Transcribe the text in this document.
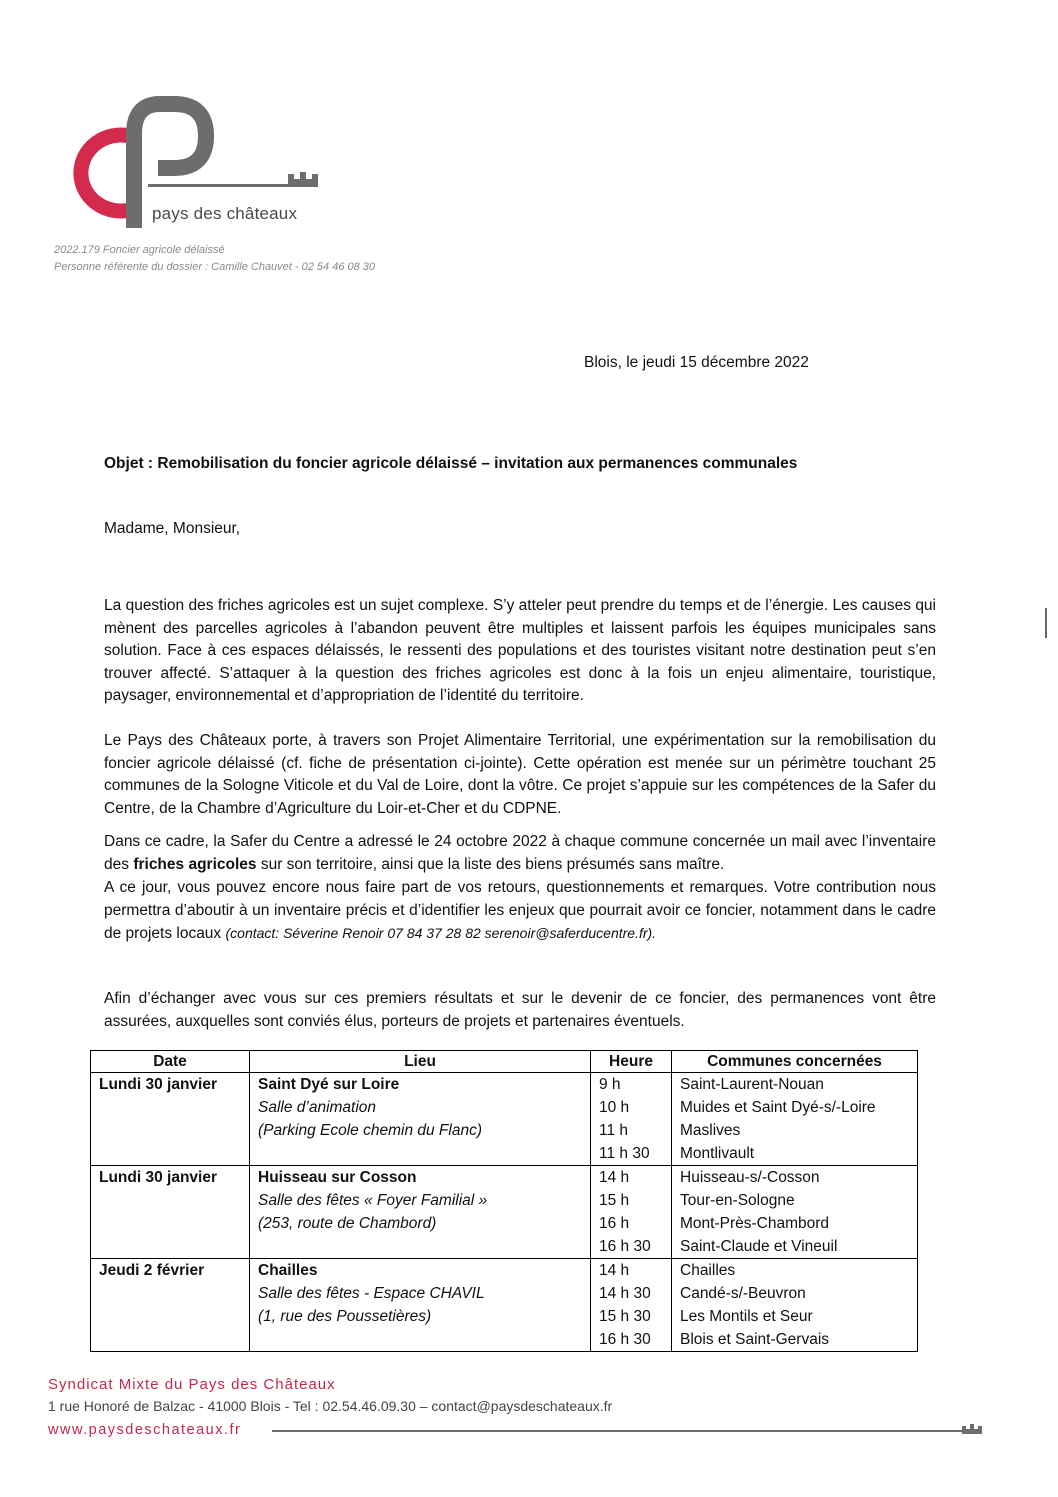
pays des châteaux
2022.179 Foncier agricole délaissé
Personne référente du dossier : Camille Chauvet - 02 54 46 08 30
Blois, le jeudi 15 décembre 2022
Objet : Remobilisation du foncier agricole délaissé – invitation aux permanences communales
Madame, Monsieur,

La question des friches agricoles est un sujet complexe. S’y atteler peut prendre du temps et de l’énergie. Les causes qui mènent des parcelles agricoles à l’abandon peuvent être multiples et laissent parfois les équipes municipales sans solution. Face à ces espaces délaissés, le ressenti des populations et des touristes visitant notre destination peut s’en trouver affecté. S’attaquer à la question des friches agricoles est donc à la fois un enjeu alimentaire, touristique, paysager, environnemental et d’appropriation de l’identité du territoire.

Le Pays des Châteaux porte, à travers son Projet Alimentaire Territorial, une expérimentation sur la remobilisation du foncier agricole délaissé (cf. fiche de présentation ci-jointe). Cette opération est menée sur un périmètre touchant 25 communes de la Sologne Viticole et du Val de Loire, dont la vôtre. Ce projet s’appuie sur les compétences de la Safer du Centre, de la Chambre d’Agriculture du Loir-et-Cher et du CDPNE.

Dans ce cadre, la Safer du Centre a adressé le 24 octobre 2022 à chaque commune concernée un mail avec l’inventaire des friches agricoles sur son territoire, ainsi que la liste des biens présumés sans maître.

A ce jour, vous pouvez encore nous faire part de vos retours, questionnements et remarques. Votre contribution nous permettra d’aboutir à un inventaire précis et d’identifier les enjeux que pourrait avoir ce foncier, notamment dans le cadre de projets locaux (contact: Séverine Renoir 07 84 37 28 82 serenoir@saferducentre.fr).

Afin d’échanger avec vous sur ces premiers résultats et sur le devenir de ce foncier, des permanences vont être assurées, auxquelles sont conviés élus, porteurs de projets et partenaires éventuels.

Date	Lieu	Heure	Communes concernées
Lundi 30 janvier	Saint Dyé sur Loire	9 h	Saint-Laurent-Nouan
	Salle d’animation	10 h	Muides et Saint Dyé-s/-Loire
	(Parking Ecole chemin du Flanc)	11 h	Maslives
		11 h 30	Montlivault
Lundi 30 janvier	Huisseau sur Cosson	14 h	Huisseau-s/-Cosson
	Salle des fêtes « Foyer Familial »	15 h	Tour-en-Sologne
	(253, route de Chambord)	16 h	Mont-Près-Chambord
		16 h 30	Saint-Claude et Vineuil
Jeudi 2 février	Chailles	14 h	Chailles
	Salle des fêtes - Espace CHAVIL	14 h 30	Candé-s/-Beuvron
	(1, rue des Poussetières)	15 h 30	Les Montils et Seur
		16 h 30	Blois et Saint-Gervais
Syndicat Mixte du Pays des Châteaux
1 rue Honoré de Balzac - 41000 Blois - Tel : 02.54.46.09.30 – contact@paysdeschateaux.fr
www.paysdeschateaux.fr
